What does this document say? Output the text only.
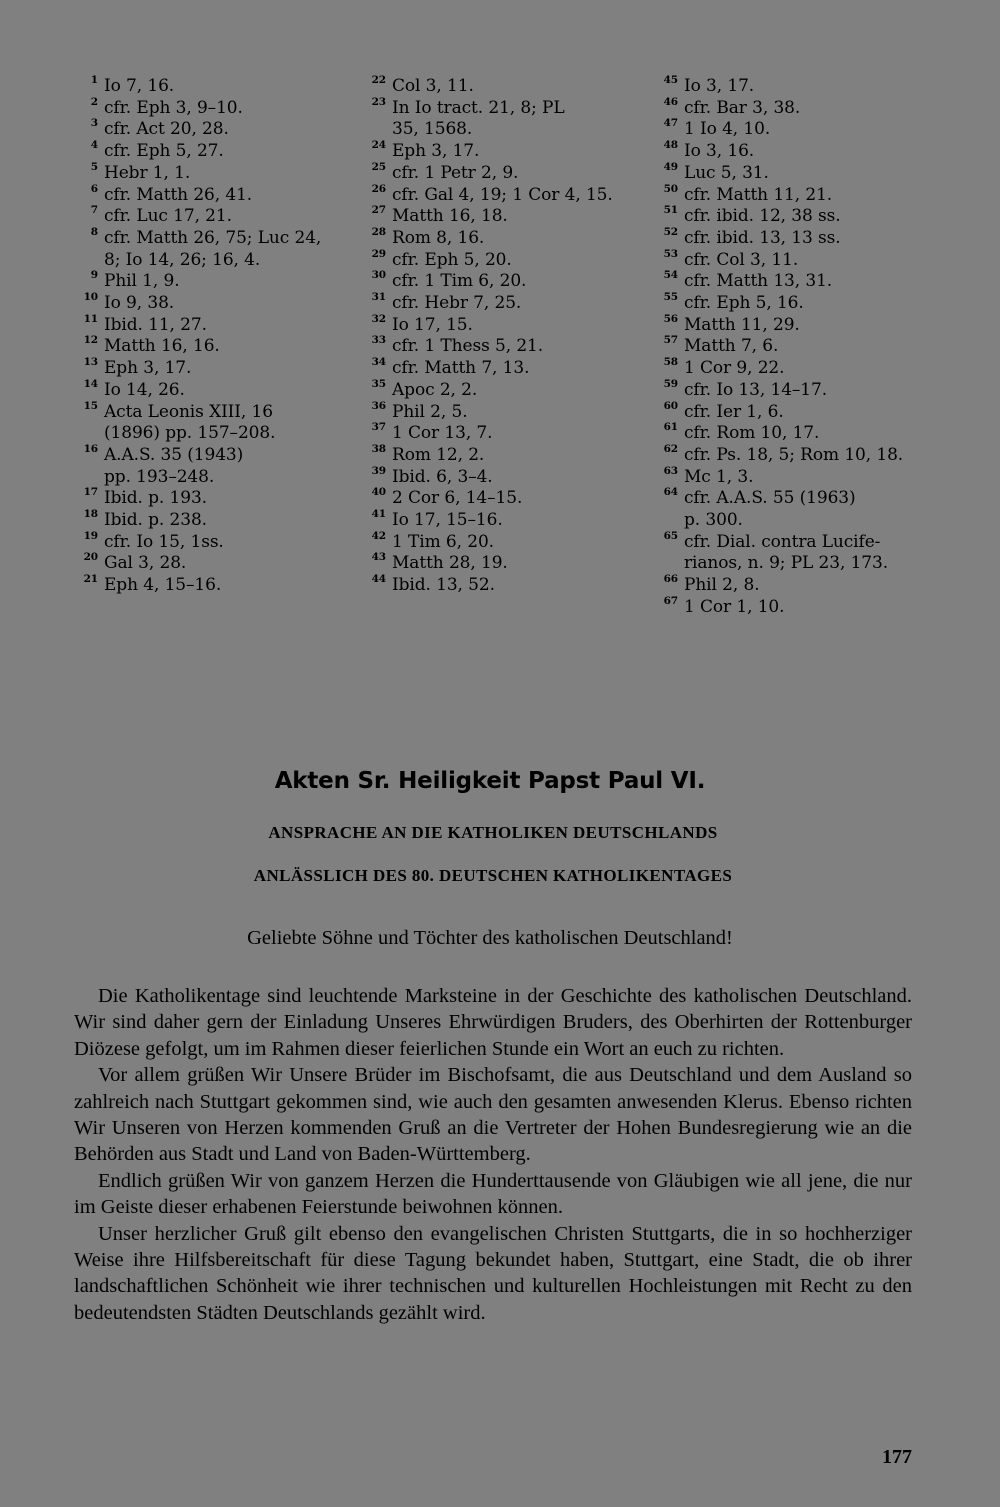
1 Io 7, 16.
2 cfr. Eph 3, 9–10.
3 cfr. Act 20, 28.
4 cfr. Eph 5, 27.
5 Hebr 1, 1.
6 cfr. Matth 26, 41.
7 cfr. Luc 17, 21.
8 cfr. Matth 26, 75; Luc 24,
8; Io 14, 26; 16, 4.
9 Phil 1, 9.
10 Io 9, 38.
11 Ibid. 11, 27.
12 Matth 16, 16.
13 Eph 3, 17.
14 Io 14, 26.
15 Acta Leonis XIII, 16
(1896) pp. 157–208.
16 A.A.S. 35 (1943)
pp. 193–248.
17 Ibid. p. 193.
18 Ibid. p. 238.
19 cfr. Io 15, 1ss.
20 Gal 3, 28.
21 Eph 4, 15–16.
22 Col 3, 11.
23 In Io tract. 21, 8; PL
35, 1568.
24 Eph 3, 17.
25 cfr. 1 Petr 2, 9.
26 cfr. Gal 4, 19; 1 Cor 4, 15.
27 Matth 16, 18.
28 Rom 8, 16.
29 cfr. Eph 5, 20.
30 cfr. 1 Tim 6, 20.
31 cfr. Hebr 7, 25.
32 Io 17, 15.
33 cfr. 1 Thess 5, 21.
34 cfr. Matth 7, 13.
35 Apoc 2, 2.
36 Phil 2, 5.
37 1 Cor 13, 7.
38 Rom 12, 2.
39 Ibid. 6, 3–4.
40 2 Cor 6, 14–15.
41 Io 17, 15–16.
42 1 Tim 6, 20.
43 Matth 28, 19.
44 Ibid. 13, 52.
45 Io 3, 17.
46 cfr. Bar 3, 38.
47 1 Io 4, 10.
48 Io 3, 16.
49 Luc 5, 31.
50 cfr. Matth 11, 21.
51 cfr. ibid. 12, 38 ss.
52 cfr. ibid. 13, 13 ss.
53 cfr. Col 3, 11.
54 cfr. Matth 13, 31.
55 cfr. Eph 5, 16.
56 Matth 11, 29.
57 Matth 7, 6.
58 1 Cor 9, 22.
59 cfr. Io 13, 14–17.
60 cfr. Ier 1, 6.
61 cfr. Rom 10, 17.
62 cfr. Ps. 18, 5; Rom 10, 18.
63 Mc 1, 3.
64 cfr. A.A.S. 55 (1963)
p. 300.
65 cfr. Dial. contra Lucife-
rianos, n. 9; PL 23, 173.
66 Phil 2, 8.
67 1 Cor 1, 10.
Akten Sr. Heiligkeit Papst Paul VI.
ANSPRACHE AN DIE KATHOLIKEN DEUTSCHLANDS
ANLÄSSLICH DES 80. DEUTSCHEN KATHOLIKENTAGES
Geliebte Söhne und Töchter des katholischen Deutschland!

Die Katholikentage sind leuchtende Marksteine in der Geschichte des katholischen Deutschland. Wir sind daher gern der Einladung Unseres Ehrwürdigen Bruders, des Oberhirten der Rottenburger Diözese gefolgt, um im Rahmen dieser feierlichen Stunde ein Wort an euch zu richten.

Vor allem grüßen Wir Unsere Brüder im Bischofsamt, die aus Deutschland und dem Ausland so zahlreich nach Stuttgart gekommen sind, wie auch den gesamten anwesenden Klerus. Ebenso richten Wir Unseren von Herzen kommenden Gruß an die Vertreter der Hohen Bundesregierung wie an die Behörden aus Stadt und Land von Baden-Württemberg.

Endlich grüßen Wir von ganzem Herzen die Hunderttausende von Gläubigen wie all jene, die nur im Geiste dieser erhabenen Feierstunde beiwohnen können.

Unser herzlicher Gruß gilt ebenso den evangelischen Christen Stuttgarts, die in so hochherziger Weise ihre Hilfsbereitschaft für diese Tagung bekundet haben, Stuttgart, eine Stadt, die ob ihrer landschaftlichen Schönheit wie ihrer technischen und kulturellen Hochleistungen mit Recht zu den bedeutendsten Städten Deutschlands gezählt wird.

177
